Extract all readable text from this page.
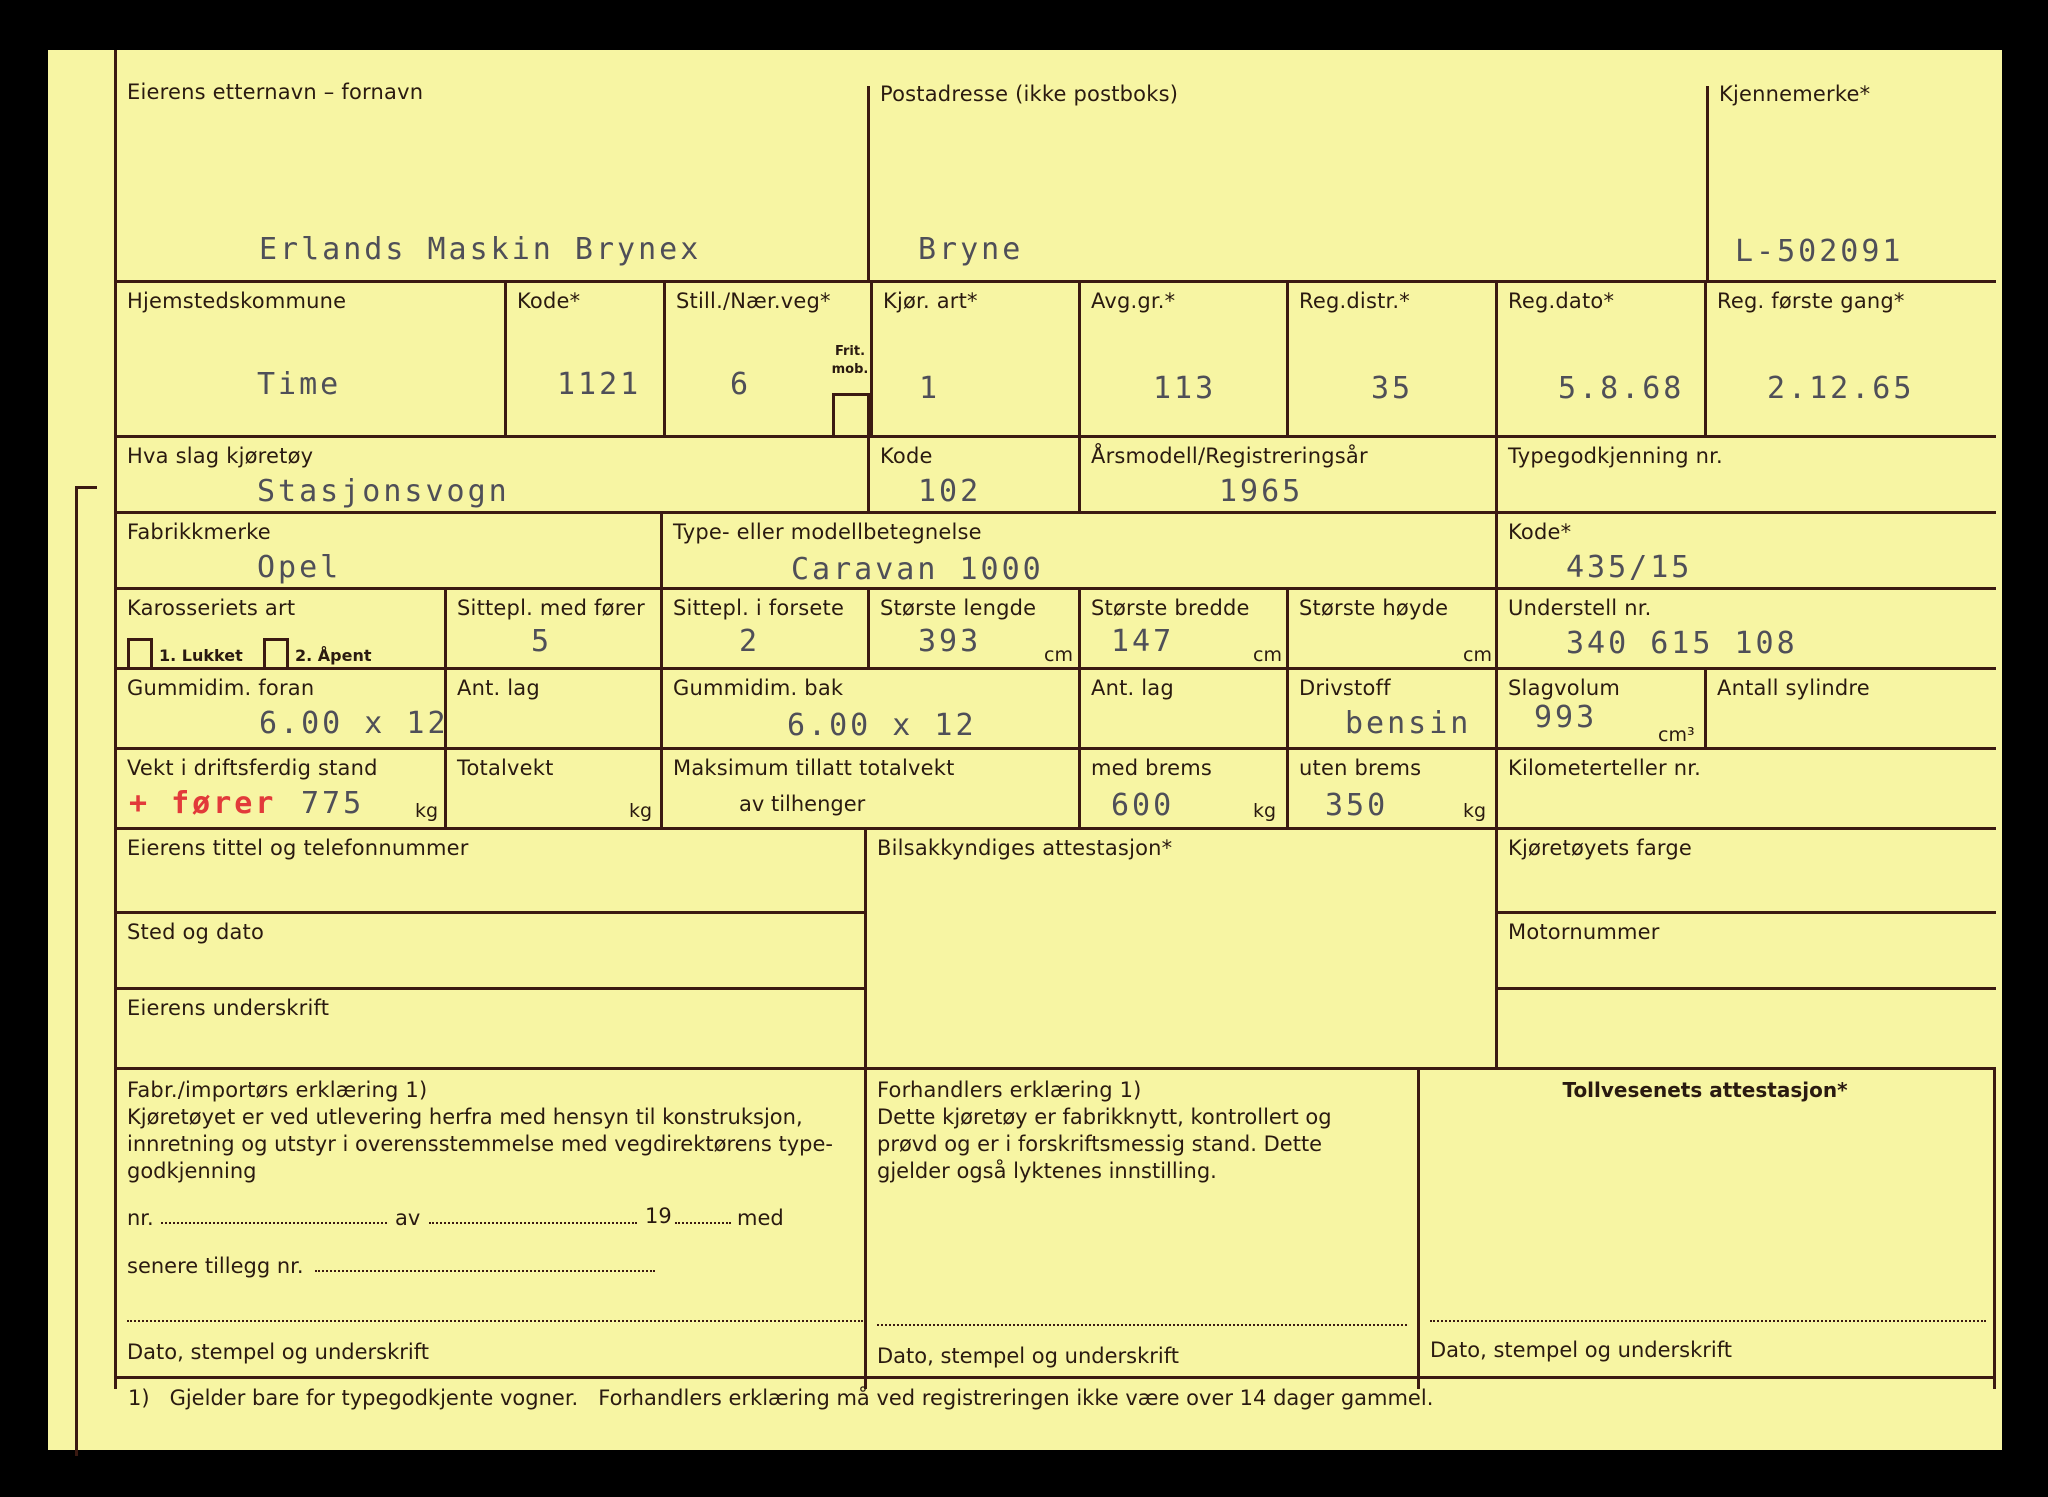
Eierens etternavn – fornavn
Erlands Maskin Brynex
Postadresse (ikke postboks)
Bryne
Kjennemerke*
L-502091
Hjemstedskommune
Time
Kode*
1121
Still./Nær.veg*
6
Frit. mob.
Kjør. art*
1
Avg.gr.*
113
Reg.distr.*
35
Reg.dato*
5.8.68
Reg. første gang*
2.12.65
Hva slag kjøretøy
Stasjonsvogn
Kode
102
Årsmodell/Registreringsår
1965
Typegodkjenning nr.
Fabrikkmerke
Opel
Type- eller modellbetegnelse
Caravan 1000
Kode*
435/15
Karosseriets art
1. Lukket	2. Åpent
Sittepl. med fører
5
Sittepl. i forsete
2
Største lengde
393	cm
Største bredde
147	cm
Største høyde
cm
Understell nr.
340 615 108
Gummidim. foran
6.00 x 12
Ant. lag	Gummidim. bak
6.00 x 12
Ant. lag	Drivstoff
bensin
Slagvolum
993	cm³
Antall sylindre
Vekt i driftsferdig stand
+ fører 775	kg
Totalvekt
kg
Maksimum tillatt totalvekt
av tilhenger
med brems
600	kg
uten brems
350	kg
Kilometerteller nr.
Eierens tittel og telefonnummer
Sted og dato
Eierens underskrift
Bilsakkyndiges attestasjon*	Kjøretøyets farge
Motornummer
Fabr./importørs erklæring 1)
Kjøretøyet er ved utlevering herfra med hensyn til konstruksjon, innretning og utstyr i overensstemmelse med vegdirektørens type-godkjenning
nr.	av	19	med
senere tillegg nr.
Dato, stempel og underskrift
Forhandlers erklæring 1)
Dette kjøretøy er fabrikknytt, kontrollert og prøvd og er i forskriftsmessig stand. Dette gjelder også lyktenes innstilling.
Dato, stempel og underskrift
Tollvesenets attestasjon*
Dato, stempel og underskrift
1)   Gjelder bare for typegodkjente vogner.   Forhandlers erklæring må ved registreringen ikke være over 14 dager gammel.
